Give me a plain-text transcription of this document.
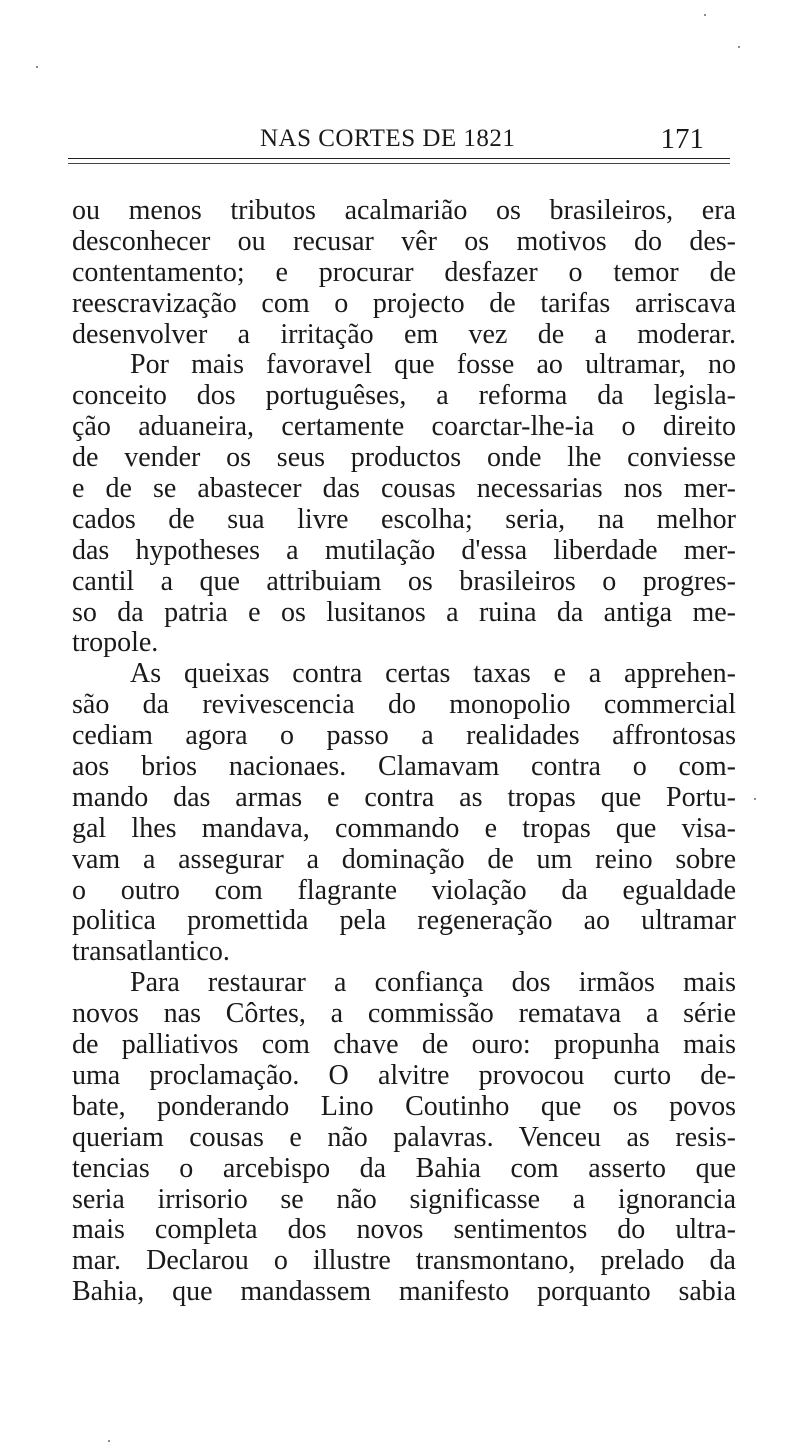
NAS CORTES DE 1821	171
ou menos tributos acalmarião os brasileiros, era
desconhecer ou recusar vêr os motivos do des-
contentamento; e procurar desfazer o temor de
reescravização com o projecto de tarifas arriscava
desenvolver a irritação em vez de a moderar.
Por mais favoravel que fosse ao ultramar, no
conceito dos portuguêses, a reforma da legisla-
ção aduaneira, certamente coarctar-lhe-ia o direito
de vender os seus productos onde lhe conviesse
e de se abastecer das cousas necessarias nos mer-
cados de sua livre escolha; seria, na melhor
das hypotheses a mutilação d'essa liberdade mer-
cantil a que attribuiam os brasileiros o progres-
so da patria e os lusitanos a ruina da antiga me-
tropole.
As queixas contra certas taxas e a apprehen-
são da revivescencia do monopolio commercial
cediam agora o passo a realidades affrontosas
aos brios nacionaes. Clamavam contra o com-
mando das armas e contra as tropas que Portu-
gal lhes mandava, commando e tropas que visa-
vam a assegurar a dominação de um reino sobre
o outro com flagrante violação da egualdade
politica promettida pela regeneração ao ultramar
transatlantico.
Para restaurar a confiança dos irmãos mais
novos nas Côrtes, a commissão rematava a série
de palliativos com chave de ouro: propunha mais
uma proclamação. O alvitre provocou curto de-
bate, ponderando Lino Coutinho que os povos
queriam cousas e não palavras. Venceu as resis-
tencias o arcebispo da Bahia com asserto que
seria irrisorio se não significasse a ignorancia
mais completa dos novos sentimentos do ultra-
mar. Declarou o illustre transmontano, prelado da
Bahia, que mandassem manifesto porquanto sabia
